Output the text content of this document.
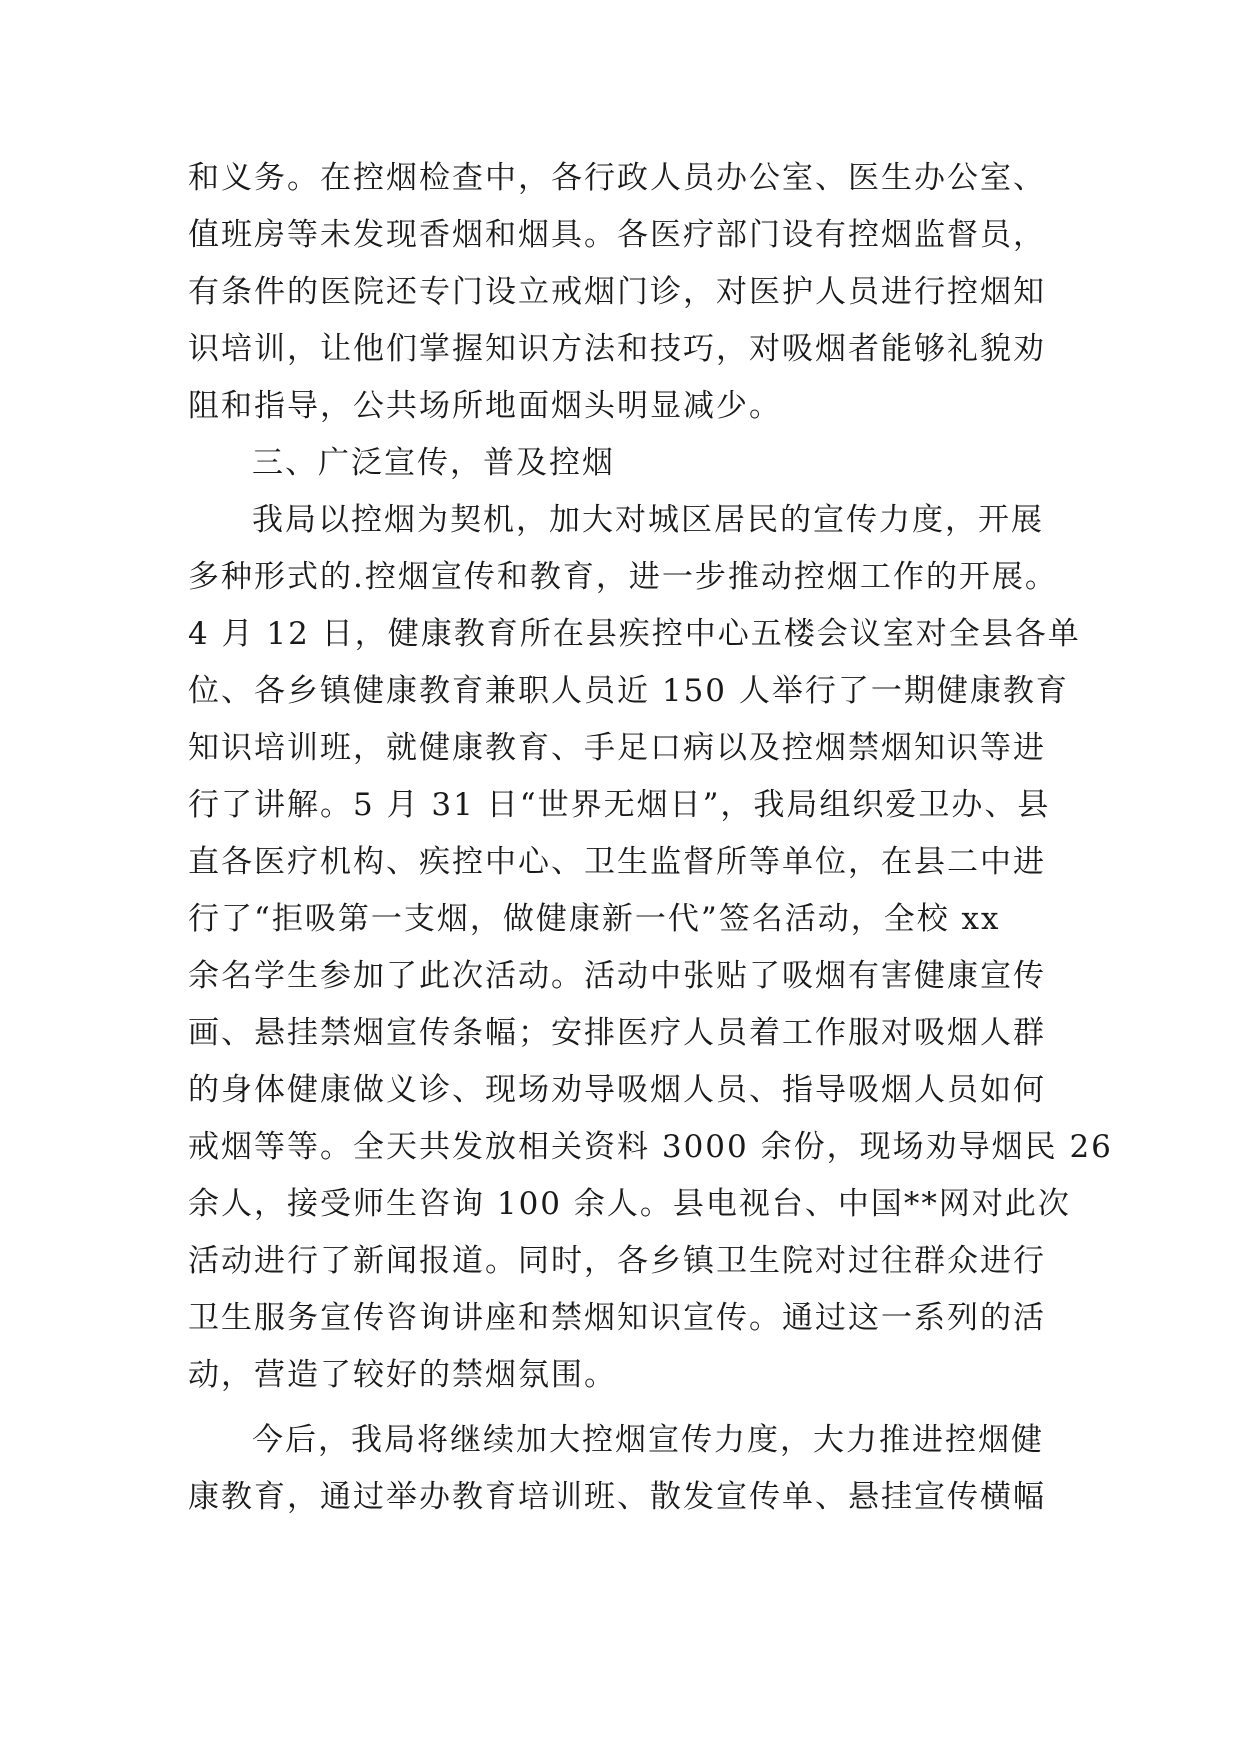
和义务。在控烟检查中，各行政人员办公室、医生办公室、
值班房等未发现香烟和烟具。各医疗部门设有控烟监督员，
有条件的医院还专门设立戒烟门诊，对医护人员进行控烟知
识培训，让他们掌握知识方法和技巧，对吸烟者能够礼貌劝
阻和指导，公共场所地面烟头明显减少。
三、广泛宣传，普及控烟
我局以控烟为契机，加大对城区居民的宣传力度，开展
多种形式的.控烟宣传和教育，进一步推动控烟工作的开展。
4 月 12 日，健康教育所在县疾控中心五楼会议室对全县各单
位、各乡镇健康教育兼职人员近 150 人举行了一期健康教育
知识培训班，就健康教育、手足口病以及控烟禁烟知识等进
行了讲解。5 月 31 日“世界无烟日”，我局组织爱卫办、县
直各医疗机构、疾控中心、卫生监督所等单位，在县二中进
行了“拒吸第一支烟，做健康新一代”签名活动，全校 xx
余名学生参加了此次活动。活动中张贴了吸烟有害健康宣传
画、悬挂禁烟宣传条幅；安排医疗人员着工作服对吸烟人群
的身体健康做义诊、现场劝导吸烟人员、指导吸烟人员如何
戒烟等等。全天共发放相关资料 3000 余份，现场劝导烟民 26
余人，接受师生咨询 100 余人。县电视台、中国**网对此次
活动进行了新闻报道。同时，各乡镇卫生院对过往群众进行
卫生服务宣传咨询讲座和禁烟知识宣传。通过这一系列的活
动，营造了较好的禁烟氛围。
今后，我局将继续加大控烟宣传力度，大力推进控烟健
康教育，通过举办教育培训班、散发宣传单、悬挂宣传横幅
